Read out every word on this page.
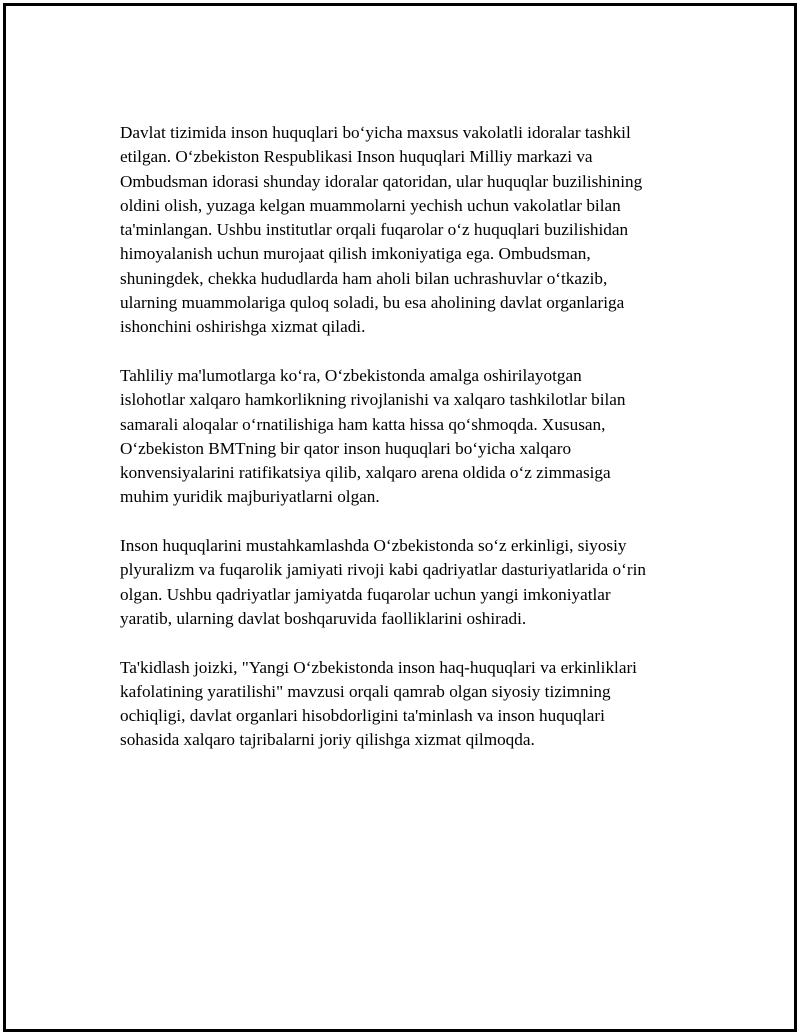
Davlat tizimida inson huquqlari bo‘yicha maxsus vakolatli idoralar tashkil
etilgan. O‘zbekiston Respublikasi Inson huquqlari Milliy markazi va
Ombudsman idorasi shunday idoralar qatoridan, ular huquqlar buzilishining
oldini olish, yuzaga kelgan muammolarni yechish uchun vakolatlar bilan
ta'minlangan. Ushbu institutlar orqali fuqarolar o‘z huquqlari buzilishidan
himoyalanish uchun murojaat qilish imkoniyatiga ega. Ombudsman,
shuningdek, chekka hududlarda ham aholi bilan uchrashuvlar o‘tkazib,
ularning muammolariga quloq soladi, bu esa aholining davlat organlariga
ishonchini oshirishga xizmat qiladi.

Tahliliy ma'lumotlarga ko‘ra, O‘zbekistonda amalga oshirilayotgan
islohotlar xalqaro hamkorlikning rivojlanishi va xalqaro tashkilotlar bilan
samarali aloqalar o‘rnatilishiga ham katta hissa qo‘shmoqda. Xususan,
O‘zbekiston BMTning bir qator inson huquqlari bo‘yicha xalqaro
konvensiyalarini ratifikatsiya qilib, xalqaro arena oldida o‘z zimmasiga
muhim yuridik majburiyatlarni olgan.

Inson huquqlarini mustahkamlashda O‘zbekistonda so‘z erkinligi, siyosiy
plyuralizm va fuqarolik jamiyati rivoji kabi qadriyatlar dasturiyatlarida o‘rin
olgan. Ushbu qadriyatlar jamiyatda fuqarolar uchun yangi imkoniyatlar
yaratib, ularning davlat boshqaruvida faolliklarini oshiradi.

Ta'kidlash joizki, "Yangi O‘zbekistonda inson haq-huquqlari va erkinliklari
kafolatining yaratilishi" mavzusi orqali qamrab olgan siyosiy tizimning
ochiqligi, davlat organlari hisobdorligini ta'minlash va inson huquqlari
sohasida xalqaro tajribalarni joriy qilishga xizmat qilmoqda.
